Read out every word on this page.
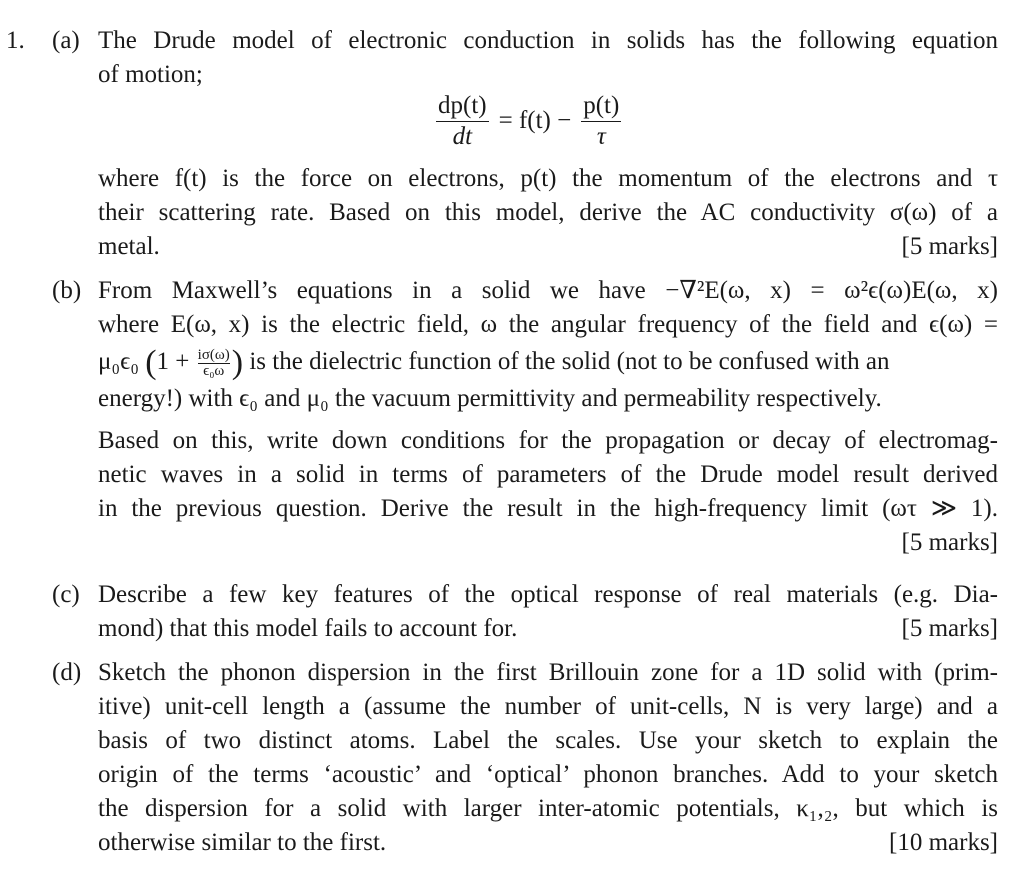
1. (a) The Drude model of electronic conduction in solids has the following equation
of motion;
$\frac{dp(t)}{dt} = f(t) - \frac{p(t)}{\tau}$
where f(t) is the force on electrons, p(t) the momentum of the electrons and τ
their scattering rate. Based on this model, derive the AC conductivity σ(ω) of a
metal.	[5 marks]
(b) From Maxwell’s equations in a solid we have −∇²E(ω, x) = ω²ϵ(ω)E(ω, x)
where E(ω, x) is the electric field, ω the angular frequency of the field and ϵ(ω) =
μ₀ϵ₀ ($1 + \frac{i\sigma(\omega)}{\text{ϵ₀ω}}$ ) is the dielectric function of the solid (not to be confused with an
energy!) with ϵ₀ and μ₀ the vacuum permittivity and permeability respectively.
Based on this, write down conditions for the propagation or decay of electromag-
netic waves in a solid in terms of parameters of the Drude model result derived
in the previous question. Derive the result in the high-frequency limit (ωτ ≫ 1).
[5 marks]
(c) Describe a few key features of the optical response of real materials (e.g. Dia-
mond) that this model fails to account for.	[5 marks]
(d) Sketch the phonon dispersion in the first Brillouin zone for a 1D solid with (prim-
itive) unit-cell length a (assume the number of unit-cells, N is very large) and a
basis of two distinct atoms. Label the scales. Use your sketch to explain the
origin of the terms ‘acoustic’ and ‘optical’ phonon branches. Add to your sketch
the dispersion for a solid with larger inter-atomic potentials, κ₁,₂, but which is
otherwise similar to the first.	[10 marks]
